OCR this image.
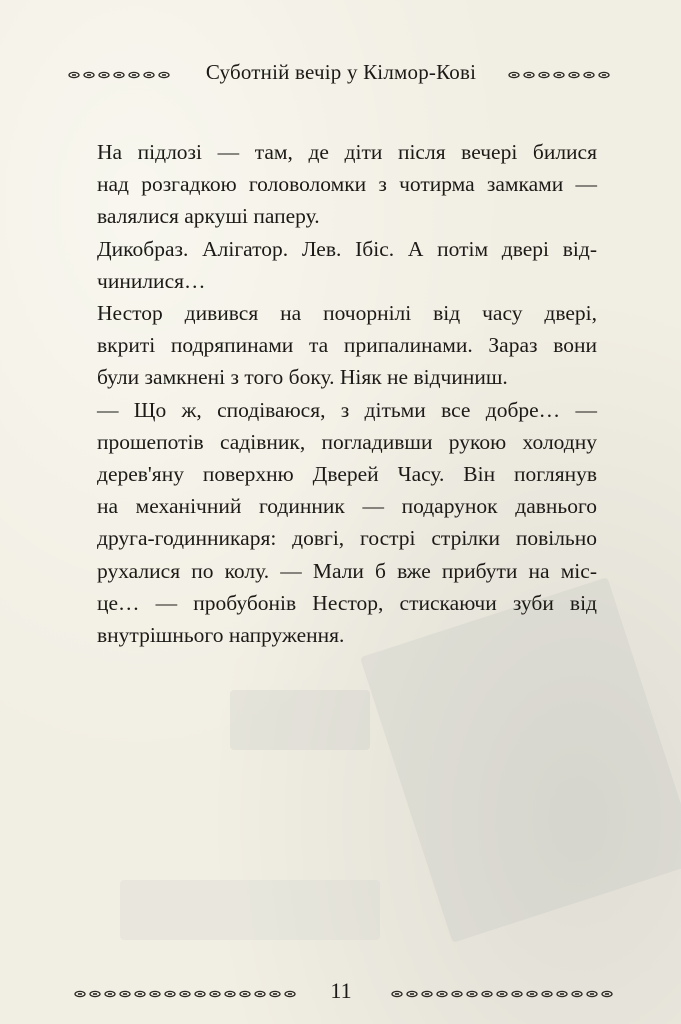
Суботній вечір у Кілмор-Кові
На підлозі — там, де діти після вечері билися
над розгадкою головоломки з чотирма замками —
валялися аркуші паперу.
Дикобраз. Алігатор. Лев. Ібіс. А потім двері від-
чинилися…
Нестор дивився на почорнілі від часу двері,
вкриті подряпинами та припалинами. Зараз вони
були замкнені з того боку. Ніяк не відчиниш.
— Що ж, сподіваюся, з дітьми все добре… —
прошепотів садівник, погладивши рукою холодну
дерев'яну поверхню Дверей Часу. Він поглянув
на механічний годинник — подарунок давнього
друга-годинникаря: довгі, гострі стрілки повільно
рухалися по колу. — Мали б вже прибути на міс-
це… — пробубонів Нестор, стискаючи зуби від
внутрішнього напруження.
11
